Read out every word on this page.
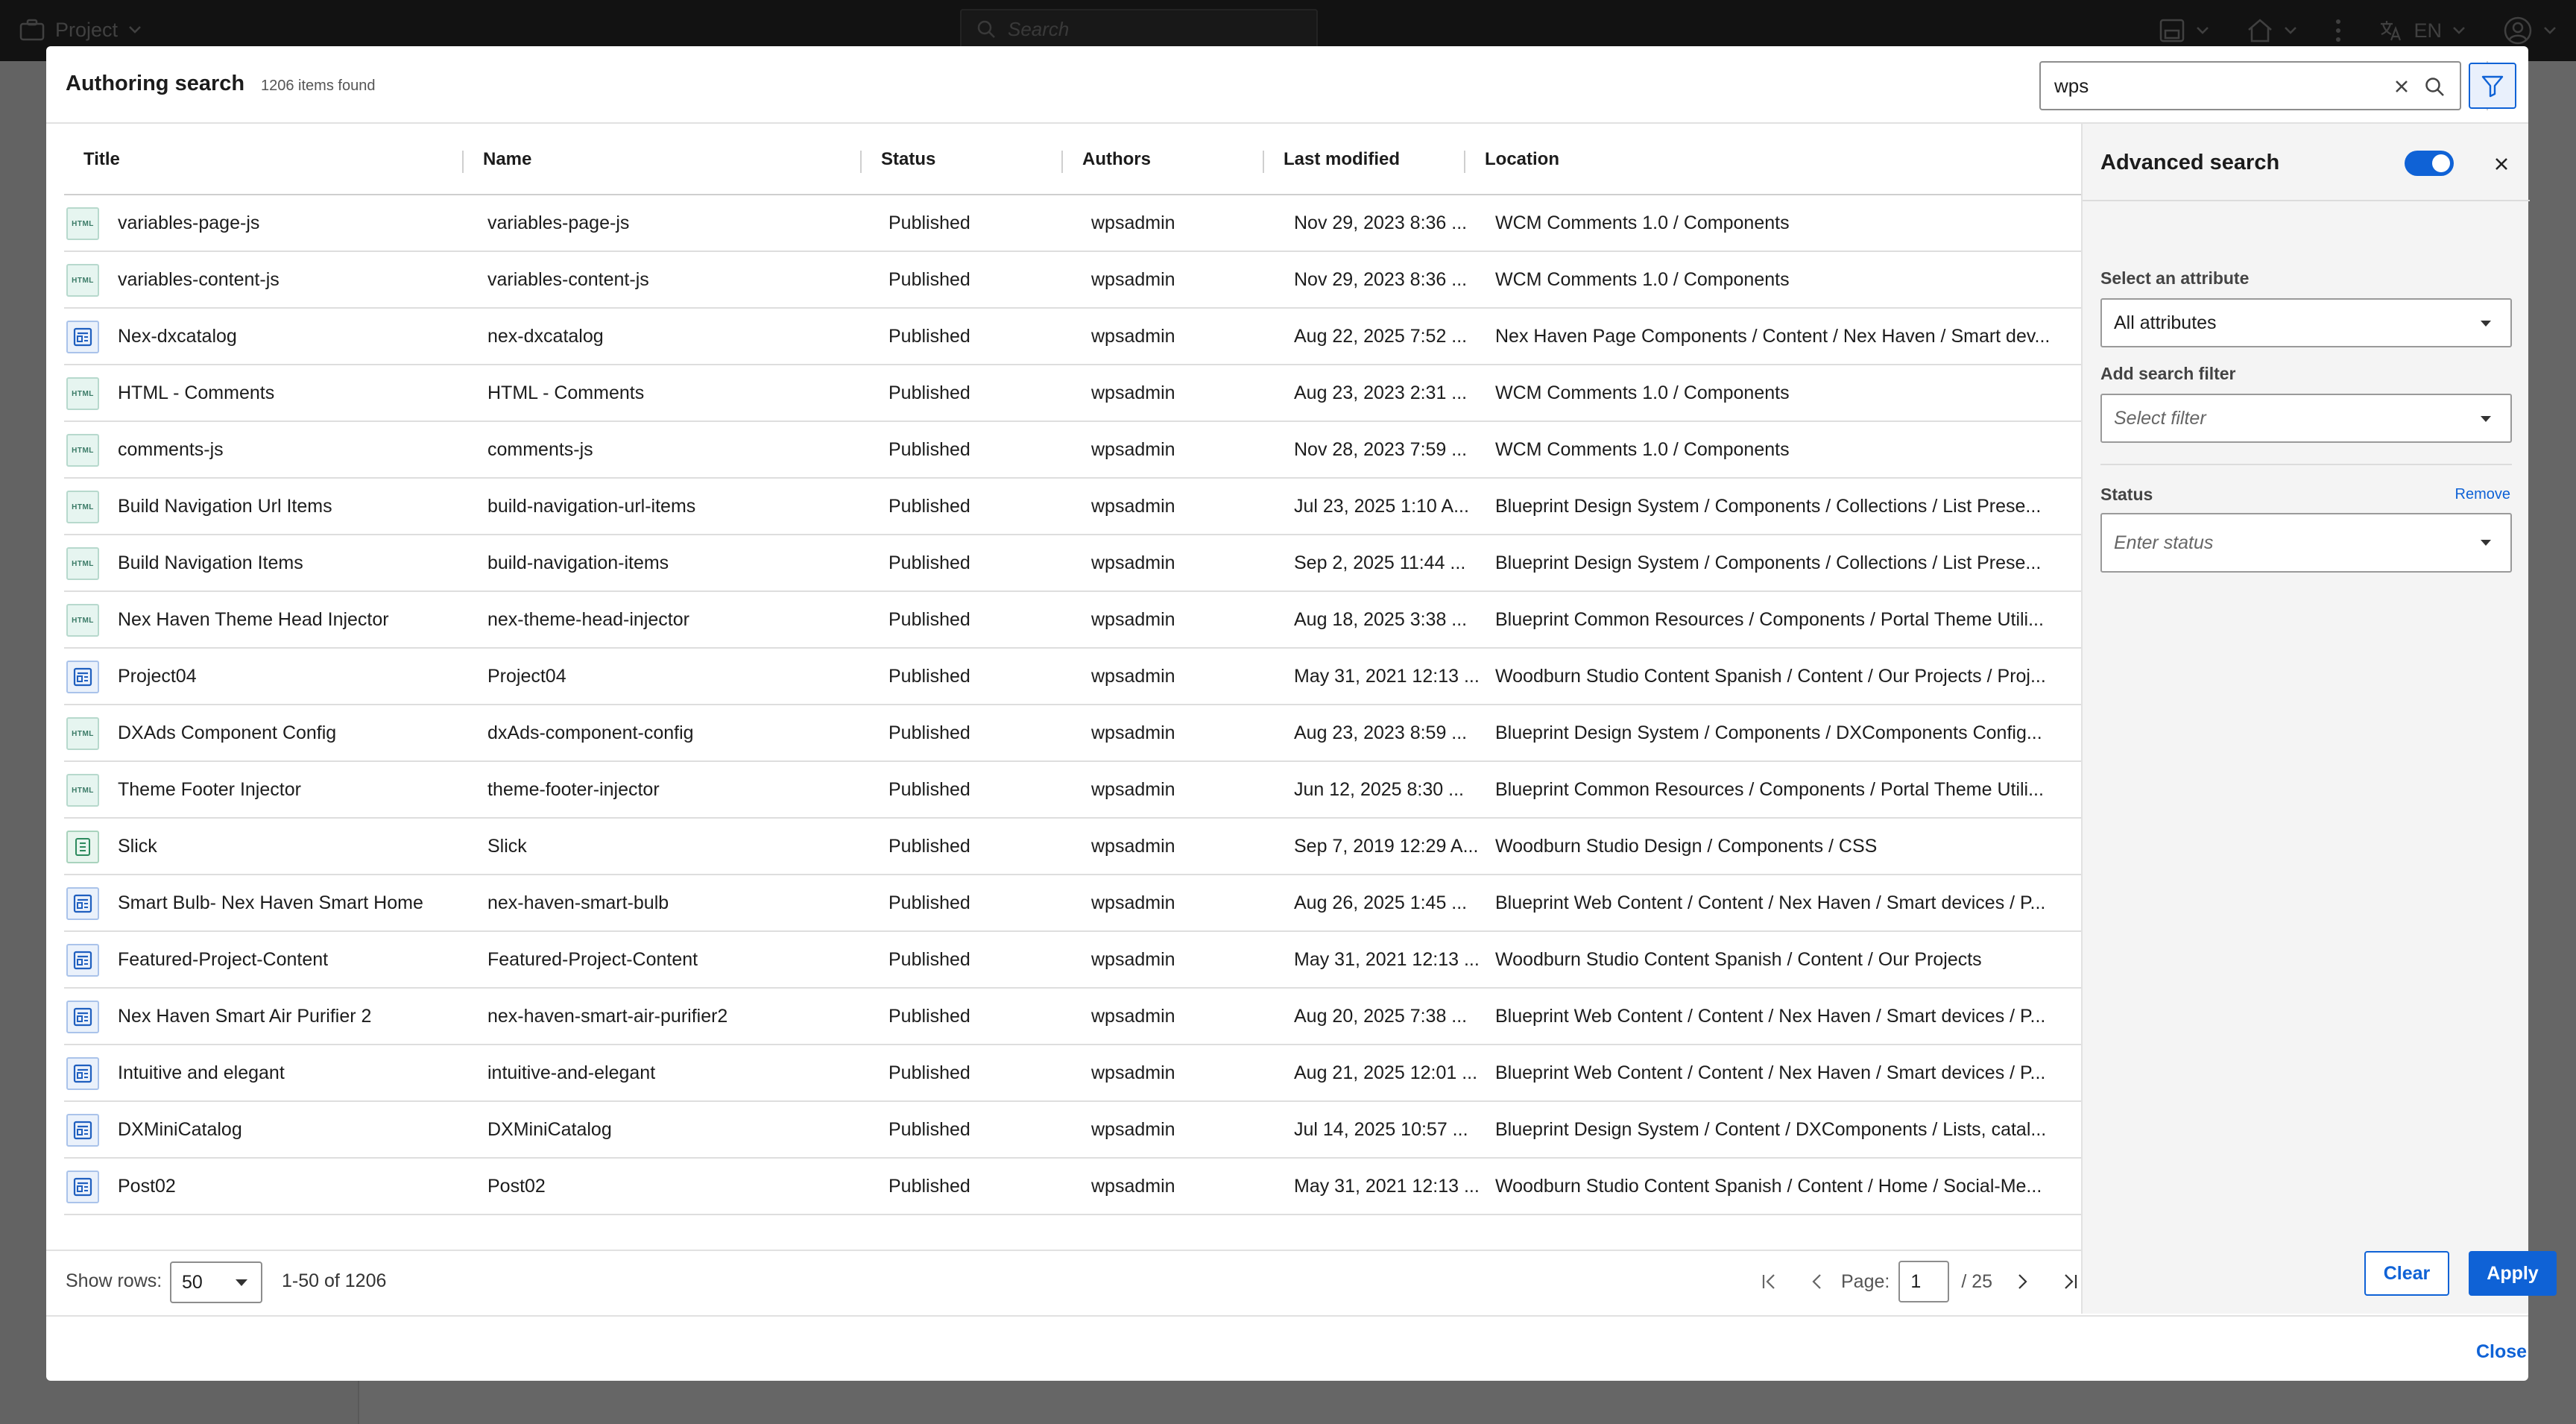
Authoring search 1206 items found
wps
Title	Name	Status	Authors	Last modified	Location
HTML variables-page-js	variables-page-js	Published	wpsadmin	Nov 29, 2023 8:36 ...	WCM Comments 1.0 / Components
HTML variables-content-js	variables-content-js	Published	wpsadmin	Nov 29, 2023 8:36 ...	WCM Comments 1.0 / Components
Nex-dxcatalog	nex-dxcatalog	Published	wpsadmin	Aug 22, 2025 7:52 ...	Nex Haven Page Components / Content / Nex Haven / Smart dev...
HTML HTML - Comments	HTML - Comments	Published	wpsadmin	Aug 23, 2023 2:31 ...	WCM Comments 1.0 / Components
HTML comments-js	comments-js	Published	wpsadmin	Nov 28, 2023 7:59 ...	WCM Comments 1.0 / Components
HTML Build Navigation Url Items	build-navigation-url-items	Published	wpsadmin	Jul 23, 2025 1:10 A...	Blueprint Design System / Components / Collections / List Prese...
HTML Build Navigation Items	build-navigation-items	Published	wpsadmin	Sep 2, 2025 11:44 ...	Blueprint Design System / Components / Collections / List Prese...
HTML Nex Haven Theme Head Injector	nex-theme-head-injector	Published	wpsadmin	Aug 18, 2025 3:38 ...	Blueprint Common Resources / Components / Portal Theme Utili...
Project04	Project04	Published	wpsadmin	May 31, 2021 12:13 ... Woodburn Studio Content Spanish / Content / Our Projects / Proj...
HTML DXAds Component Config	dxAds-component-config	Published	wpsadmin	Aug 23, 2023 8:59 ...	Blueprint Design System / Components / DXComponents Config...
HTML Theme Footer Injector	theme-footer-injector	Published	wpsadmin	Jun 12, 2025 8:30 ...	Blueprint Common Resources / Components / Portal Theme Utili...
Slick	Slick	Published	wpsadmin	Sep 7, 2019 12:29 A... Woodburn Studio Design / Components / CSS
Smart Bulb- Nex Haven Smart Home	nex-haven-smart-bulb	Published	wpsadmin	Aug 26, 2025 1:45 ...	Blueprint Web Content / Content / Nex Haven / Smart devices / P...
Featured-Project-Content	Featured-Project-Content	Published	wpsadmin	May 31, 2021 12:13 ... Woodburn Studio Content Spanish / Content / Our Projects
Nex Haven Smart Air Purifier 2	nex-haven-smart-air-purifier2	Published	wpsadmin	Aug 20, 2025 7:38 ...	Blueprint Web Content / Content / Nex Haven / Smart devices / P...
Intuitive and elegant	intuitive-and-elegant	Published	wpsadmin	Aug 21, 2025 12:01 ... Blueprint Web Content / Content / Nex Haven / Smart devices / P...
DXMiniCatalog	DXMiniCatalog	Published	wpsadmin	Jul 14, 2025 10:57 ...	Blueprint Design System / Content / DXComponents / Lists, catal...
Post02	Post02	Published	wpsadmin	May 31, 2021 12:13 ... Woodburn Studio Content Spanish / Content / Home / Social-Me...
Show rows: 50	1-50 of 1206	Page:	1	/ 25
Advanced search
Select an attribute
All attributes
Add search filter
Select filter
Status	Remove
Enter status
Clear	Apply
Close
